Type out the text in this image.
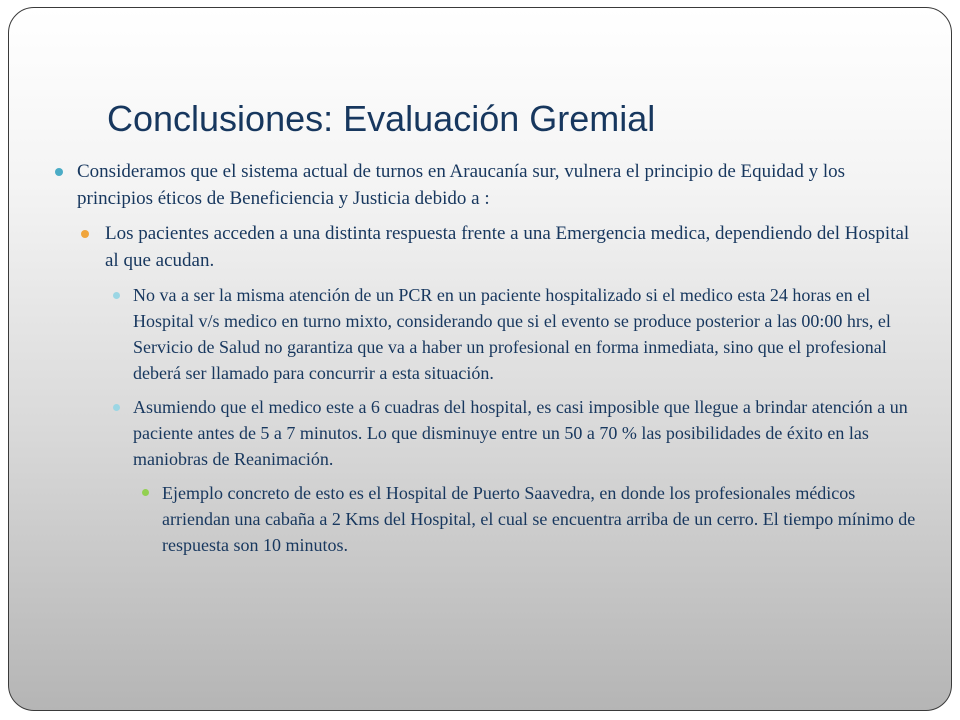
Conclusiones: Evaluación Gremial

Consideramos que el sistema actual de turnos en Araucanía sur, vulnera el principio de Equidad y los principios éticos de Beneficiencia y Justicia debido a :

Los pacientes acceden a una distinta respuesta frente a una Emergencia medica, dependiendo del Hospital al que acudan.

No va a ser la misma atención de un PCR en un paciente hospitalizado si el medico esta 24 horas en el Hospital v/s medico en turno mixto, considerando que si el evento se produce posterior a las 00:00 hrs, el Servicio de Salud no garantiza que va a haber un profesional en forma inmediata, sino que el profesional deberá ser llamado para concurrir a esta situación.

Asumiendo que el medico este a 6 cuadras del hospital, es casi imposible que llegue a brindar atención a un paciente antes de 5 a 7 minutos. Lo que disminuye entre un 50 a 70 % las posibilidades de éxito en las maniobras de Reanimación.

Ejemplo concreto de esto es el Hospital de Puerto Saavedra, en donde los profesionales médicos arriendan una cabaña a 2 Kms del Hospital, el cual se encuentra arriba de un cerro. El tiempo mínimo de respuesta son 10 minutos.
